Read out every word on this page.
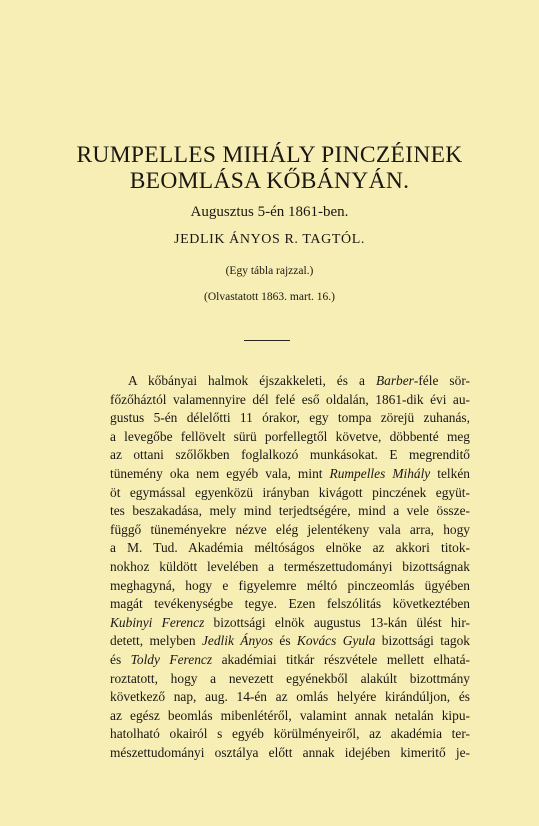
RUMPELLES MIHÁLY PINCZÉINEK
BEOMLÁSA KŐBÁNYÁN.
Augusztus 5-én 1861-ben.
JEDLIK ÁNYOS R. TAGTÓL.
(Egy tábla rajzzal.)
(Olvastatott 1863. mart. 16.)
A kőbányai halmok éjszakkeleti, és a Barber-féle sör-
főzőháztól valamennyire dél felé eső oldalán, 1861-dik évi au-
gustus 5-én délelőtti 11 órakor, egy tompa zörejü zuhanás,
a levegőbe fellövelt sürü porfellegtől követve, döbbenté meg
az ottani szőlőkben foglalkozó munkásokat. E megrenditő
tünemény oka nem egyéb vala, mint Rumpelles Mihály telkén
öt egymással egyenközü irányban kivágott pinczének együt-
tes beszakadása, mely mind terjedtségére, mind a vele össze-
függő tüneményekre nézve elég jelentékeny vala arra, hogy
a M. Tud. Akadémia méltóságos elnöke az akkori titok-
nokhoz küldött levelében a természettudományi bizottságnak
meghagyná, hogy e figyelemre méltó pinczeomlás ügyében
magát tevékenységbe tegye. Ezen felszólitás következtében
Kubinyi Ferencz bizottsági elnök augustus 13-kán ülést hir-
detett, melyben Jedlik Ányos és Kovács Gyula bizottsági tagok
és Toldy Ferencz akadémiai titkár részvétele mellett elhatá-
roztatott, hogy a nevezett egyénekből alakúlt bizottmány
következő nap, aug. 14-én az omlás helyére kirándúljon, és
az egész beomlás mibenlétéről, valamint annak netalán kipu-
hatolható okairól s egyéb körülményeiről, az akadémia ter-
mészettudományi osztálya előtt annak idejében kimeritő je-
